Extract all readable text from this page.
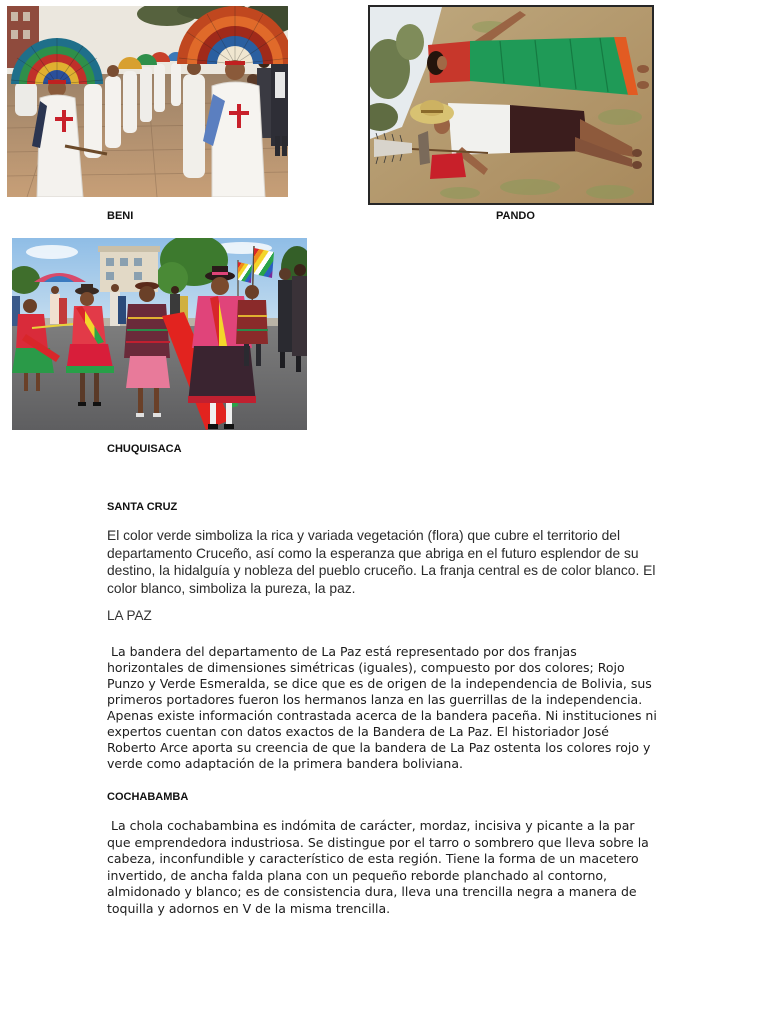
BENI	PANDO
CHUQUISACA
SANTA CRUZ
El color verde simboliza la rica y variada vegetación (flora) que cubre el territorio del
departamento Cruceño, así como la esperanza que abriga en el futuro esplendor de su
destino, la hidalguía y nobleza del pueblo cruceño. La franja central es de color blanco. El
color blanco, simboliza la pureza, la paz.
LA PAZ
La bandera del departamento de La Paz está representado por dos franjas
horizontales de dimensiones simétricas (iguales), compuesto por dos colores; Rojo
Punzo y Verde Esmeralda, se dice que es de origen de la independencia de Bolivia, sus
primeros portadores fueron los hermanos lanza en las guerrillas de la independencia.
Apenas existe información contrastada acerca de la bandera paceña. Ni instituciones ni
expertos cuentan con datos exactos de la Bandera de La Paz. El historiador José
Roberto Arce aporta su creencia de que la bandera de La Paz ostenta los colores rojo y
verde como adaptación de la primera bandera boliviana.
COCHABAMBA
La chola cochabambina es indómita de carácter, mordaz, incisiva y picante a la par
que emprendedora industriosa. Se distingue por el tarro o sombrero que lleva sobre la
cabeza, inconfundible y característico de esta región. Tiene la forma de un macetero
invertido, de ancha falda plana con un pequeño reborde planchado al contorno,
almidonado y blanco; es de consistencia dura, lleva una trencilla negra a manera de
toquilla y adornos en V de la misma trencilla.
